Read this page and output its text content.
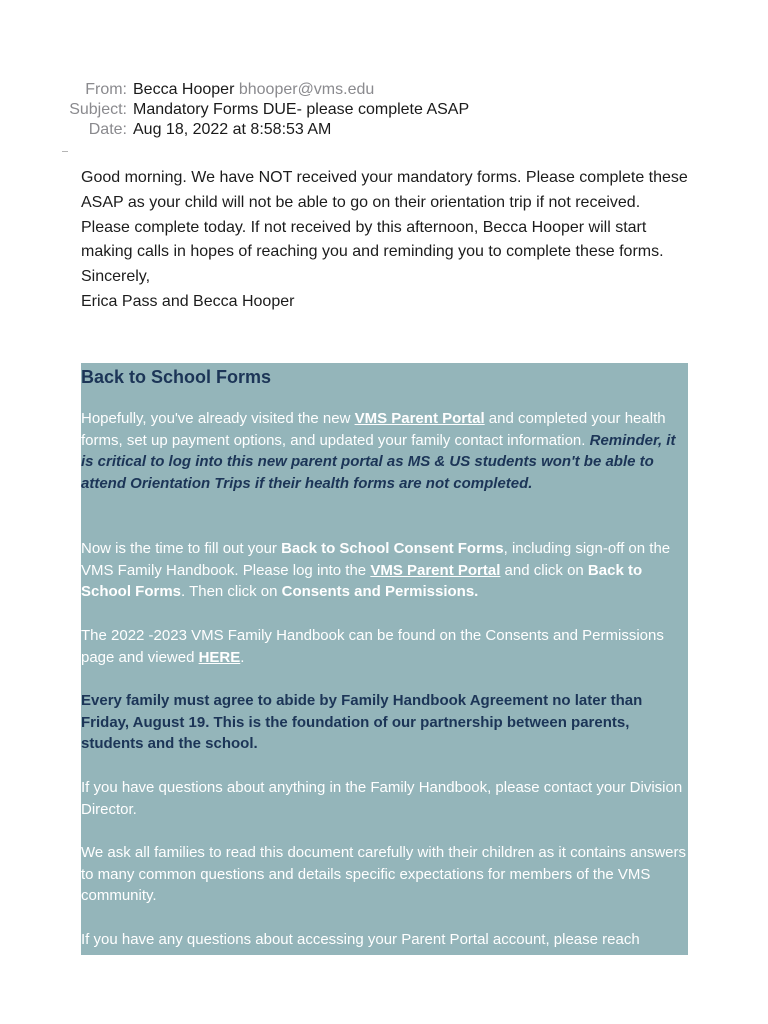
From: Becca Hooper
bhooper@vms.edu
Subject: Mandatory Forms DUE- please complete ASAP
Date: Aug 18, 2022 at 8:58:53 AM

Good morning. We have NOT received your mandatory forms. Please complete these ASAP as your child will not be able to go on their orientation trip if not received. Please complete today. If not received by this afternoon, Becca Hooper will start making calls in hopes of reaching you and reminding you to complete these forms.

Sincerely,

Erica Pass and Becca Hooper

Back to School Forms

Hopefully, you've already visited the new VMS Parent Portal and completed your health forms, set up payment options, and updated your family contact information. Reminder, it is critical to log into this new parent portal as MS & US students won't be able to attend Orientation Trips if their health forms are not completed.

Now is the time to fill out your Back to School Consent Forms, including sign-off on the VMS Family Handbook. Please log into the VMS Parent Portal and click on Back to School Forms. Then click on Consents and Permissions.

The 2022 -2023 VMS Family Handbook can be found on the Consents and Permissions page and viewed HERE.

Every family must agree to abide by Family Handbook Agreement no later than Friday, August 19. This is the foundation of our partnership between parents, students and the school.

If you have questions about anything in the Family Handbook, please contact your Division Director.

We ask all families to read this document carefully with their children as it contains answers to many common questions and details specific expectations for members of the VMS community.

If you have any questions about accessing your Parent Portal account, please reach
